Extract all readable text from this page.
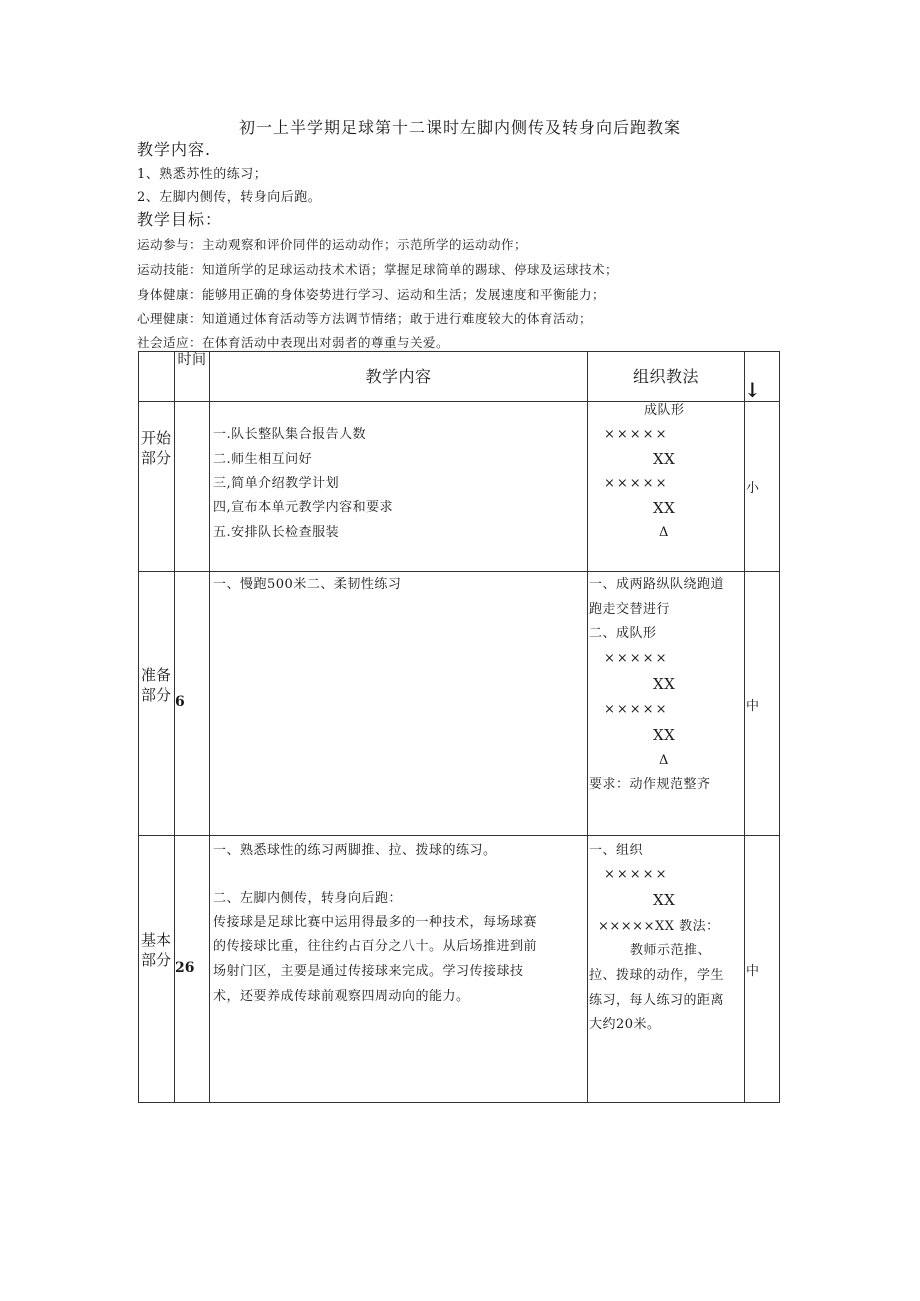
初一上半学期足球第十二课时左脚内侧传及转身向后跑教案
教学内容.
1、熟悉苏性的练习；
2、左脚内侧传，转身向后跑。
教学目标：
运动参与：主动观察和评价同伴的运动动作；示范所学的运动动作；
运动技能：知道所学的足球运动技术术语；掌握足球简单的踢球、停球及运球技术；
身体健康：能够用正确的身体姿势进行学习、运动和生活；发展速度和平衡能力；
心理健康：知道通过体育活动等方法调节情绪；敢于进行难度较大的体育活动；
社会适应：在体育活动中表现出对弱者的尊重与关爱。
时间
教学内容	组织教法
↓
开始部分
一.队长整队集合报告人数
二.师生相互问好
三,简单介绍教学计划
四,宣布本单元教学内容和要求
五.安排队长检查服装
成队形
×××××
XX
×××××
XX
Δ
小
准备部分 6
一、慢跑500米二、柔韧性练习	一、成两路纵队绕跑道
跑走交替进行
二、成队形
×××××
XX
×××××
XX
Δ
要求：动作规范整齐
中
基本部分 26
一、熟悉球性的练习两脚推、拉、拨球的练习。
二、左脚内侧传，转身向后跑：
传接球是足球比赛中运用得最多的一种技术，每场球赛
的传接球比重，往往约占百分之八十。从后场推进到前
场射门区，主要是通过传接球来完成。学习传接球技
术，还要养成传球前观察四周动向的能力。
一、组织
×××××
XX
×××××XX 教法：
教师示范推、
拉、拨球的动作，学生
练习，每人练习的距离
大约20米。
中
